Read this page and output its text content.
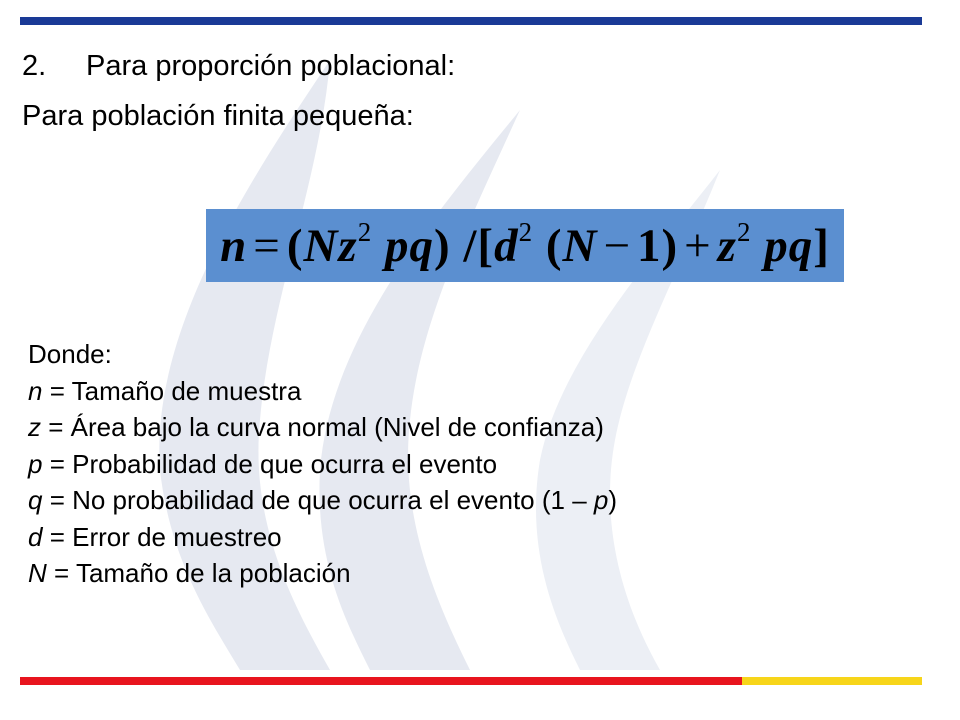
2. Para proporción poblacional:
Para población finita pequeña:
$n = (Nz^2$ pq) $/[d^2$ $(N - 1) + z^2$ pq]
Donde:
n = Tamaño de muestra
z = Área bajo la curva normal (Nivel de confianza)
p = Probabilidad de que ocurra el evento
q = No probabilidad de que ocurra el evento (1 – p)
d = Error de muestreo
N = Tamaño de la población
